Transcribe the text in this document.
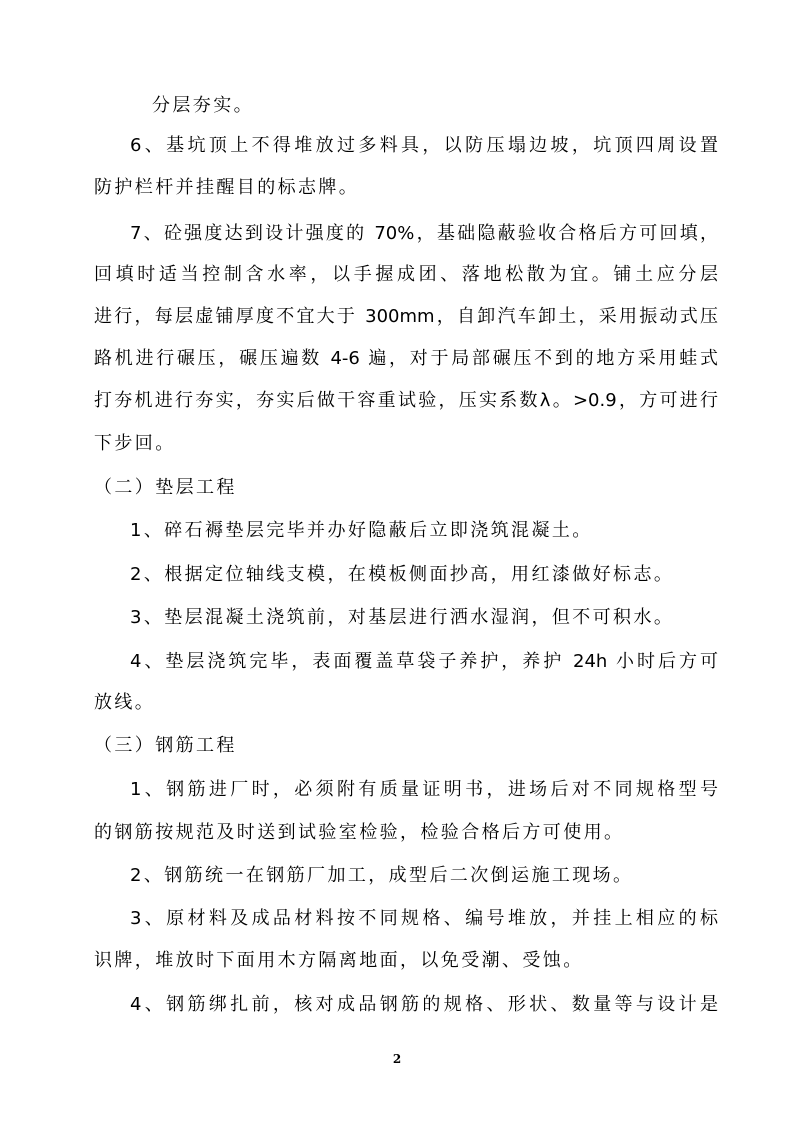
分层夯实。
6、基坑顶上不得堆放过多料具，以防压塌边坡，坑顶四周设置
防护栏杆并挂醒目的标志牌。
7、砼强度达到设计强度的 70%，基础隐蔽验收合格后方可回填，
回填时适当控制含水率，以手握成团、落地松散为宜。铺土应分层
进行，每层虚铺厚度不宜大于 300mm，自卸汽车卸土，采用振动式压
路机进行碾压，碾压遍数 4-6 遍，对于局部碾压不到的地方采用蛙式
打夯机进行夯实，夯实后做干容重试验，压实系数λ。>0.9，方可进行
下步回。
（二）垫层工程
1、碎石褥垫层完毕并办好隐蔽后立即浇筑混凝土。
2、根据定位轴线支模，在模板侧面抄高，用红漆做好标志。
3、垫层混凝土浇筑前，对基层进行洒水湿润，但不可积水。
4、垫层浇筑完毕，表面覆盖草袋子养护，养护 24h 小时后方可
放线。
（三）钢筋工程
1、钢筋进厂时，必须附有质量证明书，进场后对不同规格型号
的钢筋按规范及时送到试验室检验，检验合格后方可使用。
2、钢筋统一在钢筋厂加工，成型后二次倒运施工现场。
3、原材料及成品材料按不同规格、编号堆放，并挂上相应的标
识牌，堆放时下面用木方隔离地面，以免受潮、受蚀。
4、钢筋绑扎前，核对成品钢筋的规格、形状、数量等与设计是
2
